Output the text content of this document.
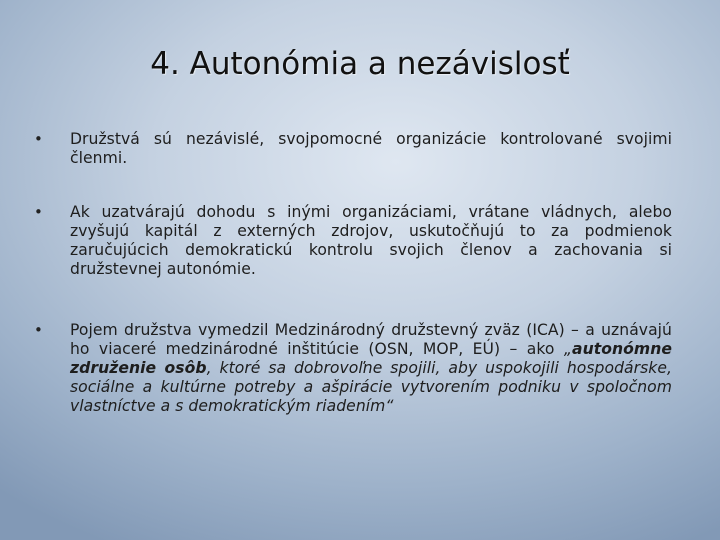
4. Autonómia a nezávislosť
•	Družstvá sú nezávislé, svojpomocné organizácie kontrolované svojimi členmi.
•	Ak uzatvárajú dohodu s inými organizáciami, vrátane vládnych, alebo zvyšujú kapitál z externých zdrojov, uskutočňujú to za podmienok zaručujúcich demokratickú kontrolu svojich členov a zachovania si družstevnej autonómie.
•	Pojem družstva vymedzil Medzinárodný družstevný zväz (ICA) – a uznávajú ho viaceré medzinárodné inštitúcie (OSN, MOP, EÚ) – ako „autonómne združenie osôb, ktoré sa dobrovoľne spojili, aby uspokojili hospodárske, sociálne a kultúrne potreby a ašpirácie vytvorením podniku v spoločnom vlastníctve a s demokratickým riadením“
